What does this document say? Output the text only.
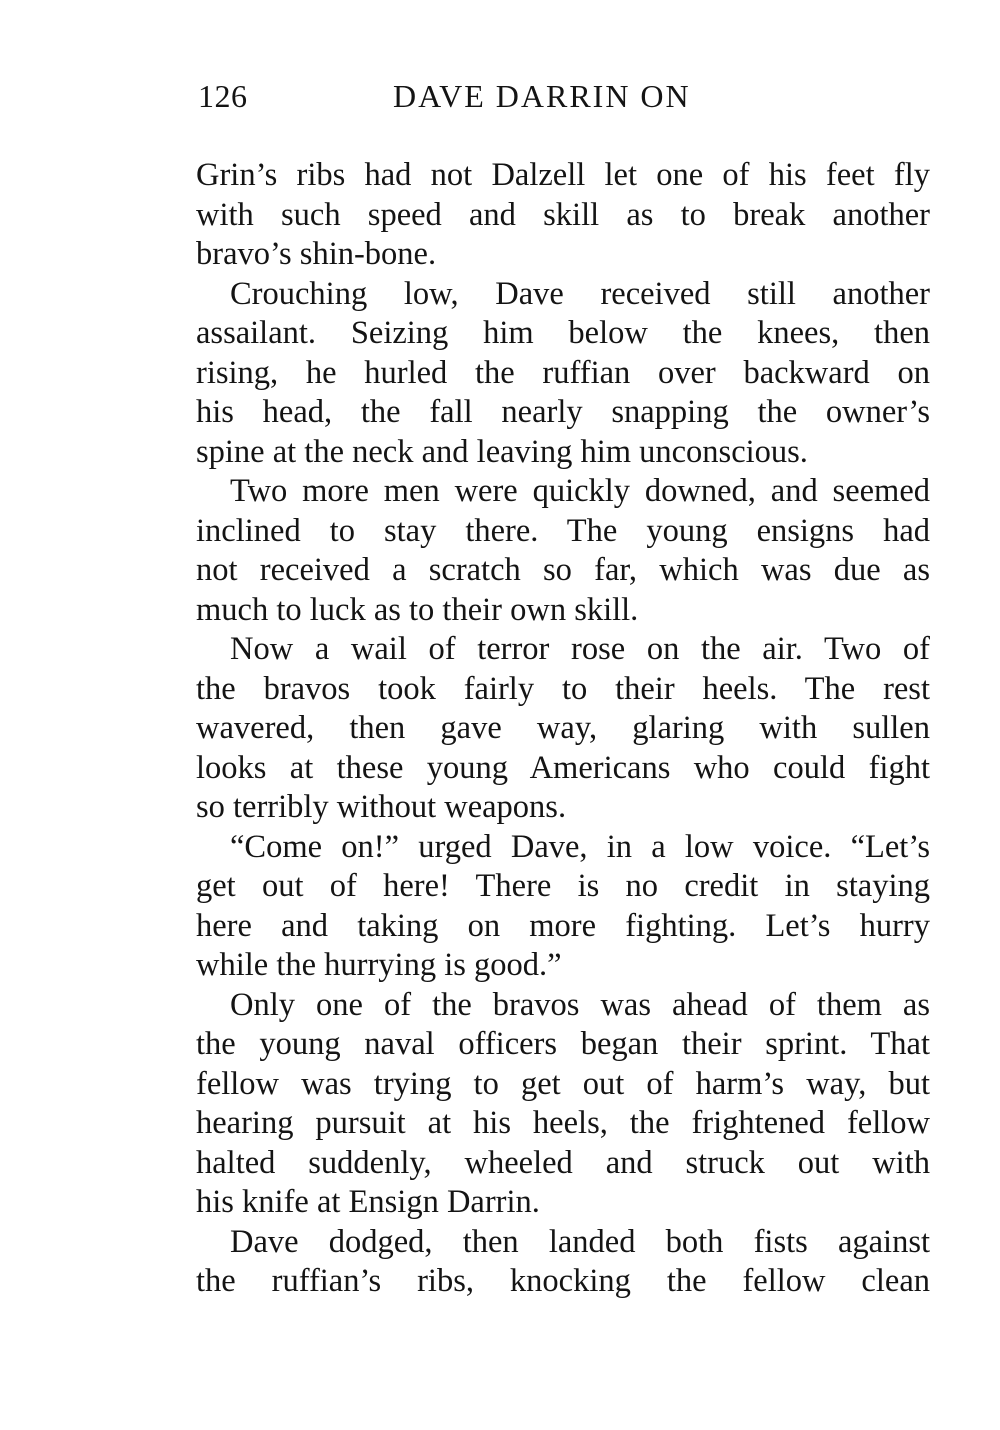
126	DAVE DARRIN ON

Grin’s ribs had not Dalzell let one of his feet fly
with such speed and skill as to break another
bravo’s shin-bone.

Crouching low, Dave received still another
assailant. Seizing him below the knees, then
rising, he hurled the ruffian over backward on
his head, the fall nearly snapping the owner’s
spine at the neck and leaving him unconscious.

Two more men were quickly downed, and seemed
inclined to stay there. The young ensigns had
not received a scratch so far, which was due as
much to luck as to their own skill.

Now a wail of terror rose on the air. Two of
the bravos took fairly to their heels. The rest
wavered, then gave way, glaring with sullen
looks at these young Americans who could fight
so terribly without weapons.

“Come on!” urged Dave, in a low voice. “Let’s
get out of here! There is no credit in staying
here and taking on more fighting. Let’s hurry
while the hurrying is good.”

Only one of the bravos was ahead of them as
the young naval officers began their sprint. That
fellow was trying to get out of harm’s way, but
hearing pursuit at his heels, the frightened fellow
halted suddenly, wheeled and struck out with
his knife at Ensign Darrin.

Dave dodged, then landed both fists against
the ruffian’s ribs, knocking the fellow clean
